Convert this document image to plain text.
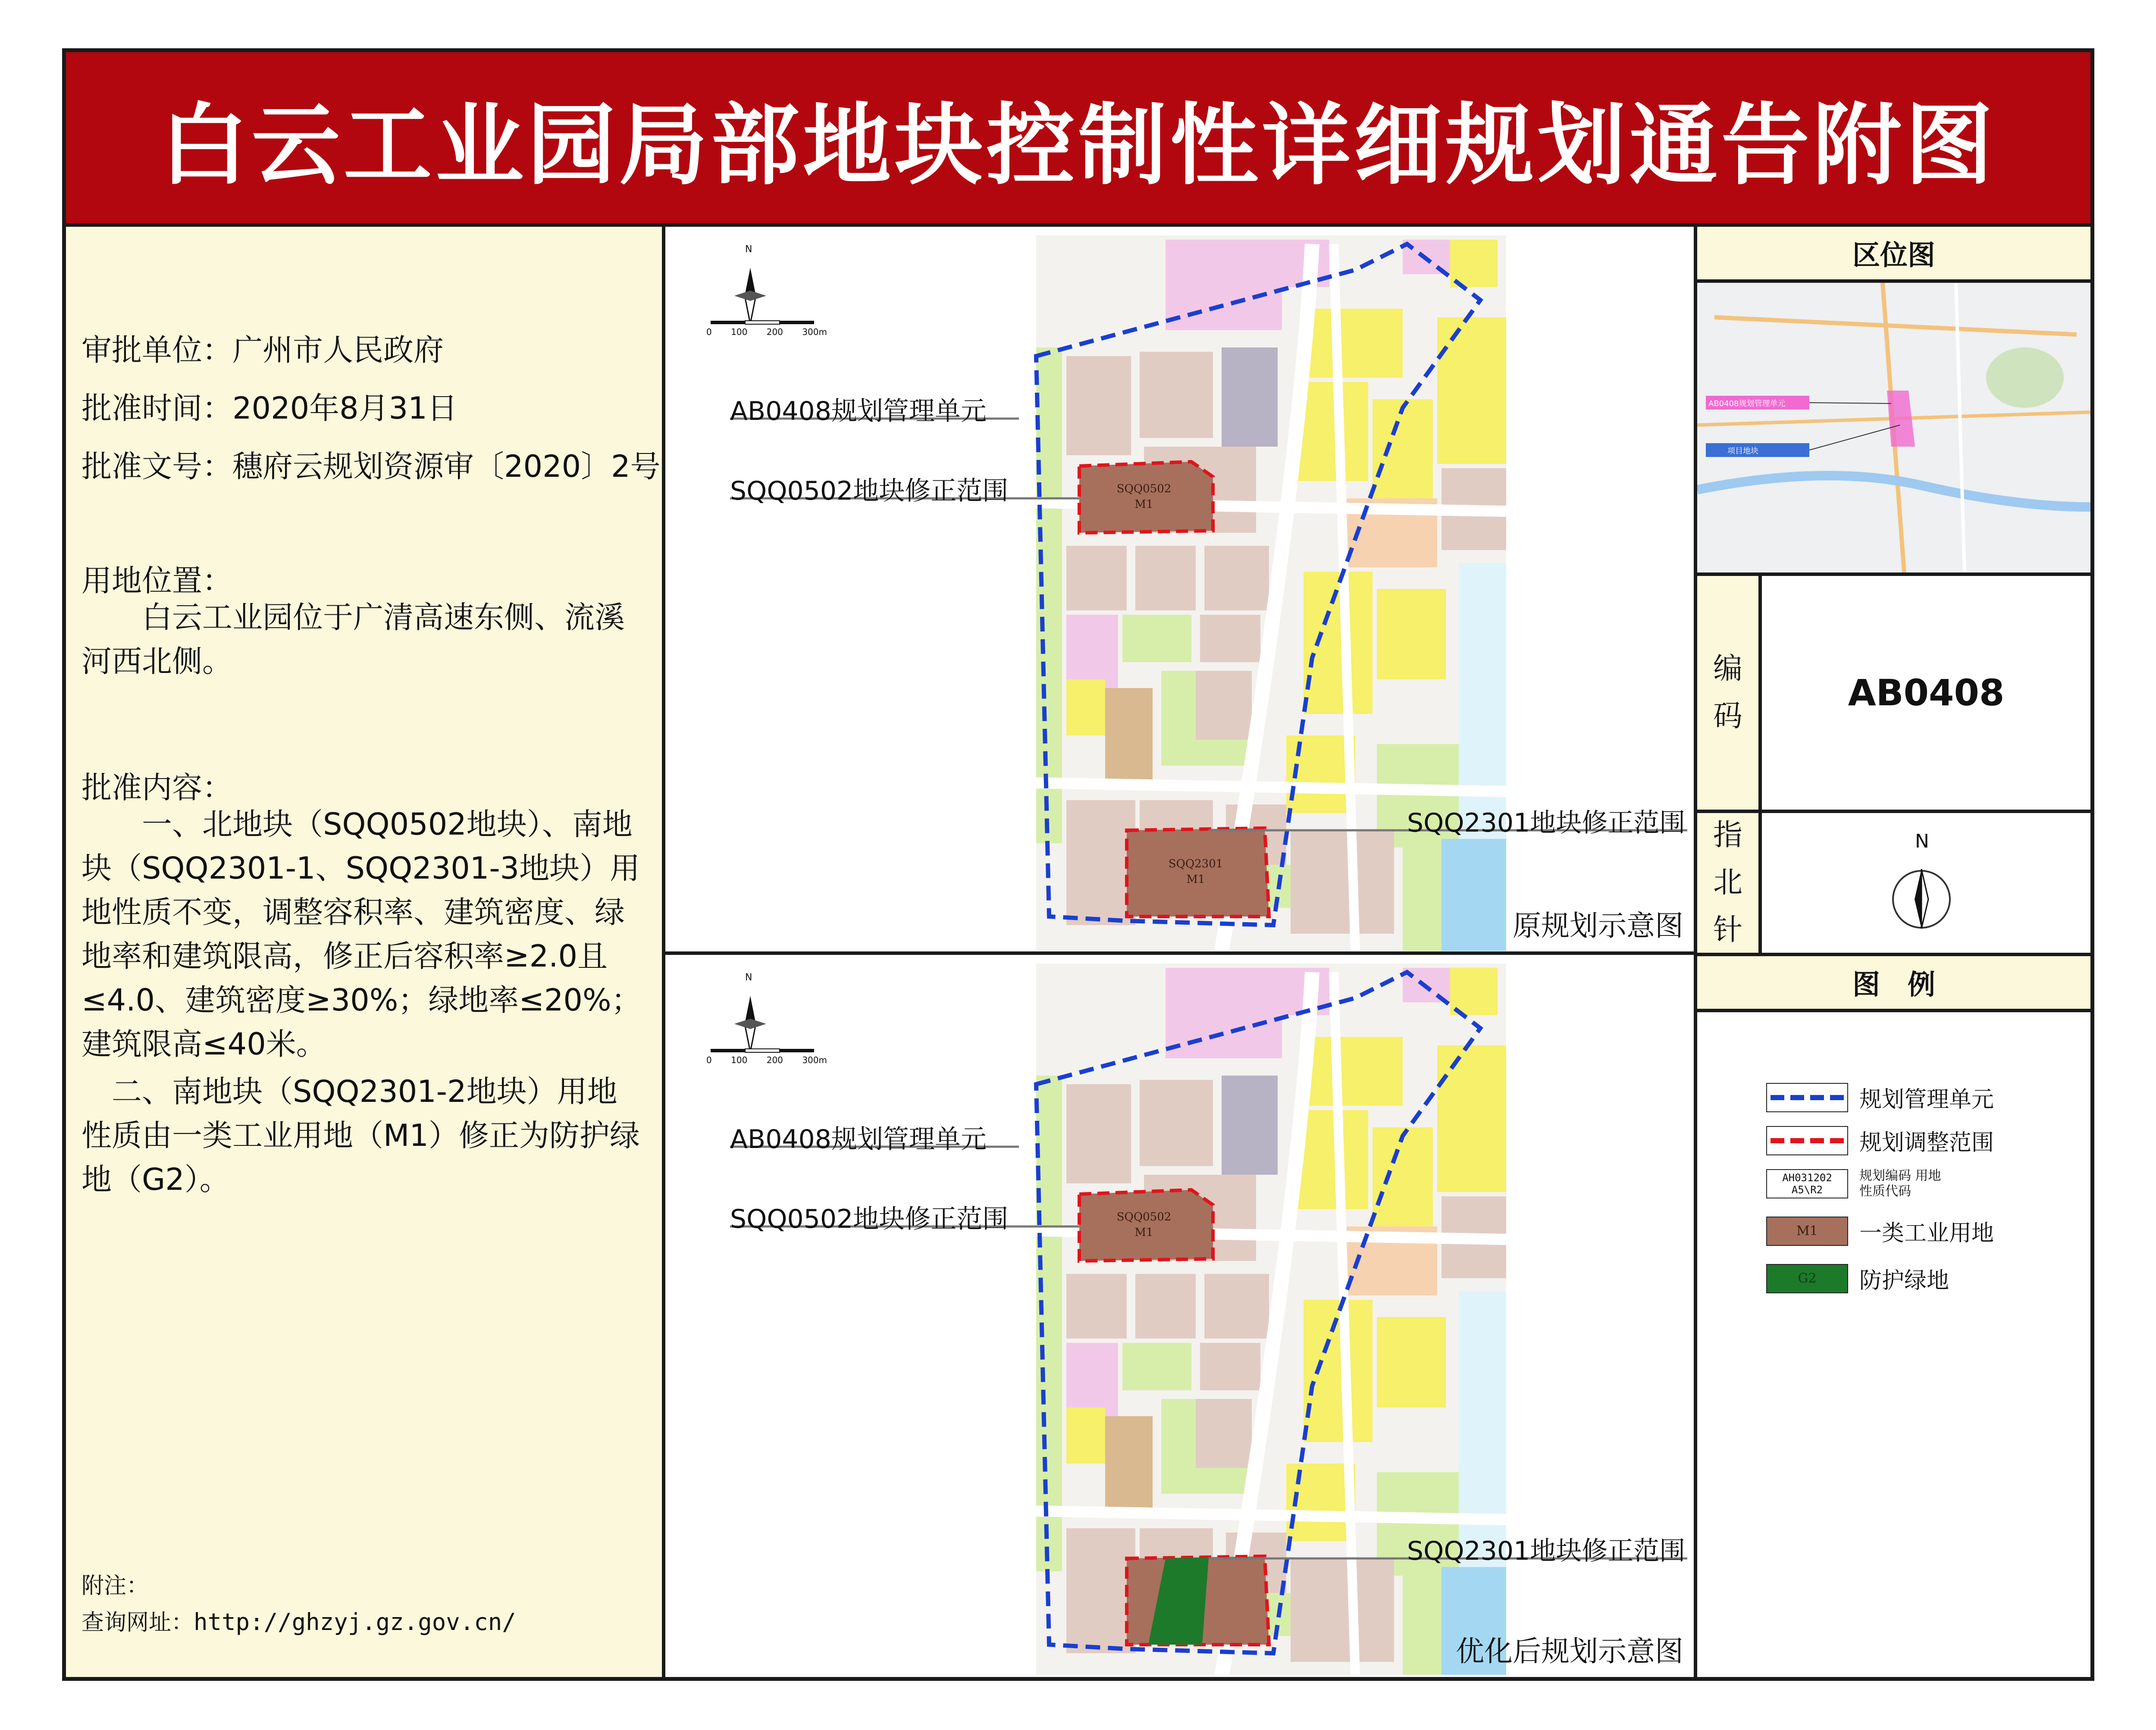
白云工业园局部地块控制性详细规划通告附图
审批单位：广州市人民政府
批准时间：2020年8月31日
批准文号：穗府云规划资源审〔2020〕2号
用地位置：
白云工业园位于广清高速东侧、流溪河西北侧。
批准内容：
一、北地块（SQQ0502地块）、南地块（SQQ2301-1、SQQ2301-3地块）用地性质不变，调整容积率、建筑密度、绿地率和建筑限高，修正后容积率≥2.0且≤4.0、建筑密度≥30%；绿地率≤20%；建筑限高≤40米。
二、南地块（SQQ2301-2地块）用地性质由一类工业用地（M1）修正为防护绿地（G2）。
附注：
查询网址：http://ghzyj.gz.gov.cn/
N
0 100 200 300m
AB0408规划管理单元
SQQ0502地块修正范围
SQQ2301地块修正范围
SQQ0502
M1
SQQ2301
M1
原规划示意图
N
0 100 200 300m
AB0408规划管理单元
SQQ0502地块修正范围
SQQ2301地块修正范围
SQQ0502
M1
优化后规划示意图
区位图
AB0408规划管理单元
项目地块
编
码
AB0408
指
北
针
N
图　例
规划管理单元
规划调整范围
AH031202
A5\R2
规划编码 用地性质代码
M1	一类工业用地
G2	防护绿地
